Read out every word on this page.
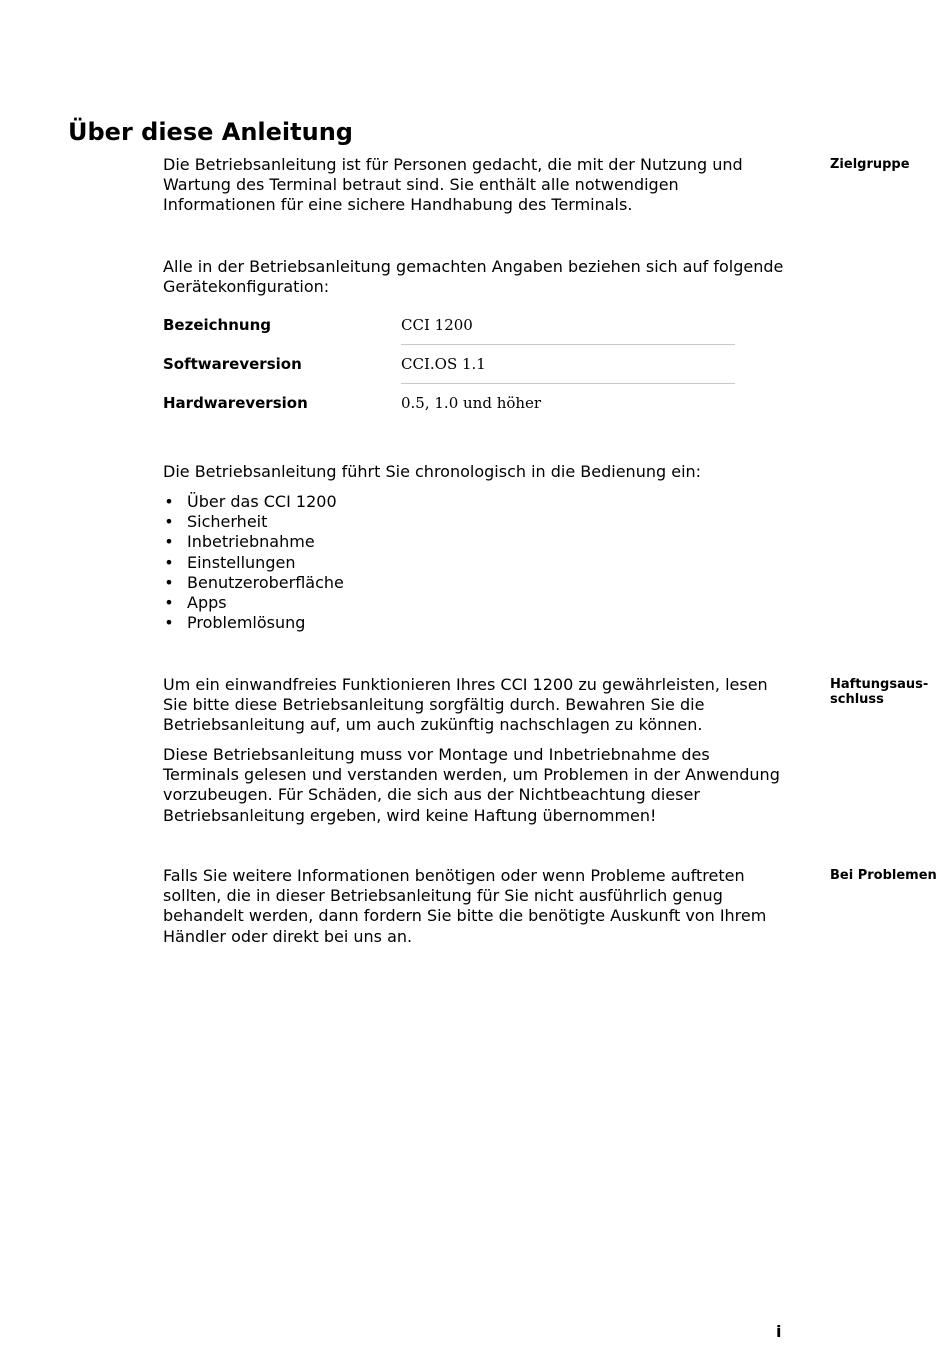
Über diese Anleitung

Die Betriebsanleitung ist für Personen gedacht, die mit der Nutzung und Wartung des Terminal betraut sind. Sie enthält alle notwendigen Informationen für eine sichere Handhabung des Terminals.

Zielgruppe

Alle in der Betriebsanleitung gemachten Angaben beziehen sich auf folgende Gerätekonfiguration:

Bezeichnung	CCI 1200
Softwareversion	CCI.OS 1.1
Hardwareversion	0.5, 1.0 und höher

Die Betriebsanleitung führt Sie chronologisch in die Bedienung ein:

• Über das CCI 1200
• Sicherheit
• Inbetriebnahme
• Einstellungen
• Benutzeroberfläche
• Apps
• Problemlösung

Um ein einwandfreies Funktionieren Ihres CCI 1200 zu gewährleisten, lesen Sie bitte diese Betriebsanleitung sorgfältig durch. Bewahren Sie die Betriebsanleitung auf, um auch zukünftig nachschlagen zu können.

Haftungsaus-
schluss

Diese Betriebsanleitung muss vor Montage und Inbetriebnahme des Terminals gelesen und verstanden werden, um Problemen in der Anwendung vorzubeugen. Für Schäden, die sich aus der Nichtbeachtung dieser Betriebsanleitung ergeben, wird keine Haftung übernommen!

Falls Sie weitere Informationen benötigen oder wenn Probleme auftreten sollten, die in dieser Betriebsanleitung für Sie nicht ausführlich genug behandelt werden, dann fordern Sie bitte die benötigte Auskunft von Ihrem Händler oder direkt bei uns an.

Bei Problemen

i
